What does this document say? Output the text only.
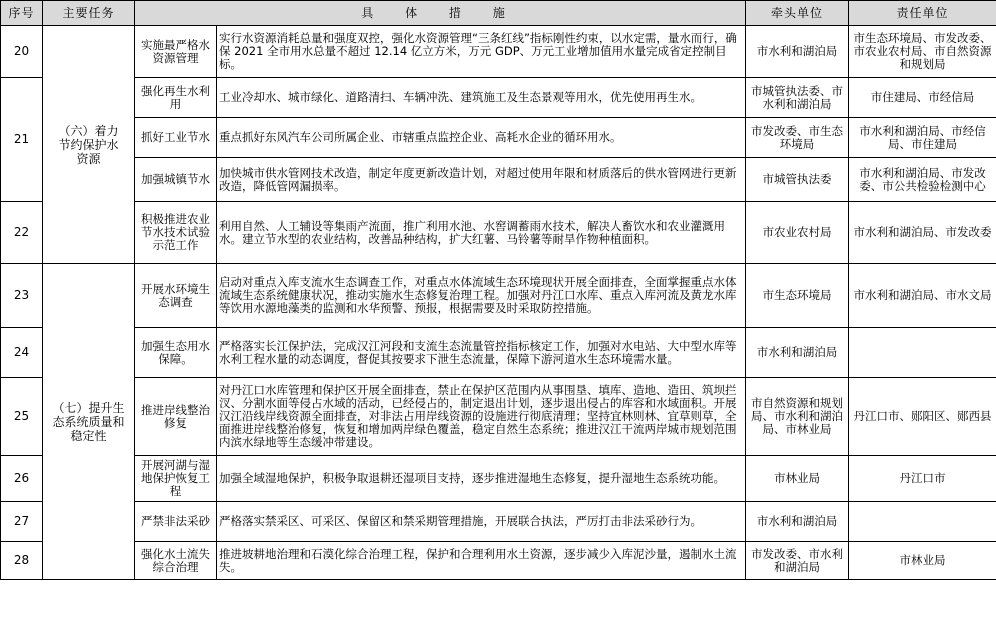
序号	主要任务	具 体 措 施		牵头单位	责任单位
20	（六）着力节约保护水资源	实施最严格水资源管理	实行水资源消耗总量和强度双控，强化水资源管理“三条红线”指标刚性约束，以水定需，量水而行，确保 2021 全市用水总量不超过 12.14 亿立方米，万元 GDP、万元工业增加值用水量完成省定控制目标。	市水利和湖泊局	市生态环境局、市发改委、市农业农村局、市自然资源和规划局
21		强化再生水利用	工业冷却水、城市绿化、道路清扫、车辆冲洗、建筑施工及生态景观等用水，优先使用再生水。	市城管执法委、市水利和湖泊局	市住建局、市经信局
		抓好工业节水	重点抓好东风汽车公司所属企业、市辖重点监控企业、高耗水企业的循环用水。	市发改委、市生态环境局	市水利和湖泊局、市经信局、市住建局
		加强城镇节水	加快城市供水管网技术改造，制定年度更新改造计划，对超过使用年限和材质落后的供水管网进行更新改造，降低管网漏损率。	市城管执法委	市水利和湖泊局、市发改委、市公共检验检测中心
22		积极推进农业节水技术试验示范工作	利用自然、人工辅设等集雨产流面，推广利用水池、水窖调蓄雨水技术，解决人畜饮水和农业灌溉用水。建立节水型的农业结构，改善品种结构，扩大红薯、马铃薯等耐旱作物种植面积。	市农业农村局	市水利和湖泊局、市发改委
23	（七）提升生态系统质量和稳定性	开展水环境生态调查	启动对重点入库支流水生态调查工作，对重点水体流域生态环境现状开展全面排查，全面掌握重点水体流域生态系统健康状况，推动实施水生态修复治理工程。加强对丹江口水库、重点入库河流及黄龙水库等饮用水源地藻类的监测和水华预警、预报，根据需要及时采取防控措施。	市生态环境局	市水利和湖泊局、市水文局
24		加强生态用水保障。	严格落实长江保护法，完成汉江河段和支流生态流量管控指标核定工作，加强对水电站、大中型水库等水利工程水量的动态调度，督促其按要求下泄生态流量，保障下游河道水生态环境需水量。	市水利和湖泊局	
25		推进岸线整治修复	对丹江口水库管理和保护区开展全面排查，禁止在保护区范围内从事围垦、填库、造地、造田、筑坝拦汊、分割水面等侵占水域的活动，已经侵占的，制定退出计划，逐步退出侵占的库容和水域面积。开展汉江沿线岸线资源全面排查，对非法占用岸线资源的设施进行彻底清理；坚持宜林则林、宜草则草，全面推进岸线整治修复，恢复和增加两岸绿色覆盖，稳定自然生态系统；推进汉江干流两岸城市规划范围内滨水绿地等生态缓冲带建设。	市自然资源和规划局、市水利和湖泊局、市林业局	丹江口市、郧阳区、郧西县
26		开展河湖与湿地保护恢复工程	加强全域湿地保护，积极争取退耕还湿项目支持，逐步推进湿地生态修复，提升湿地生态系统功能。	市林业局	丹江口市
27		严禁非法采砂	严格落实禁采区、可采区、保留区和禁采期管理措施，开展联合执法，严厉打击非法采砂行为。	市水利和湖泊局	
28		强化水土流失综合治理	推进坡耕地治理和石漠化综合治理工程，保护和合理利用水土资源，逐步减少入库泥沙量，遏制水土流失。	市发改委、市水利和湖泊局	市林业局
